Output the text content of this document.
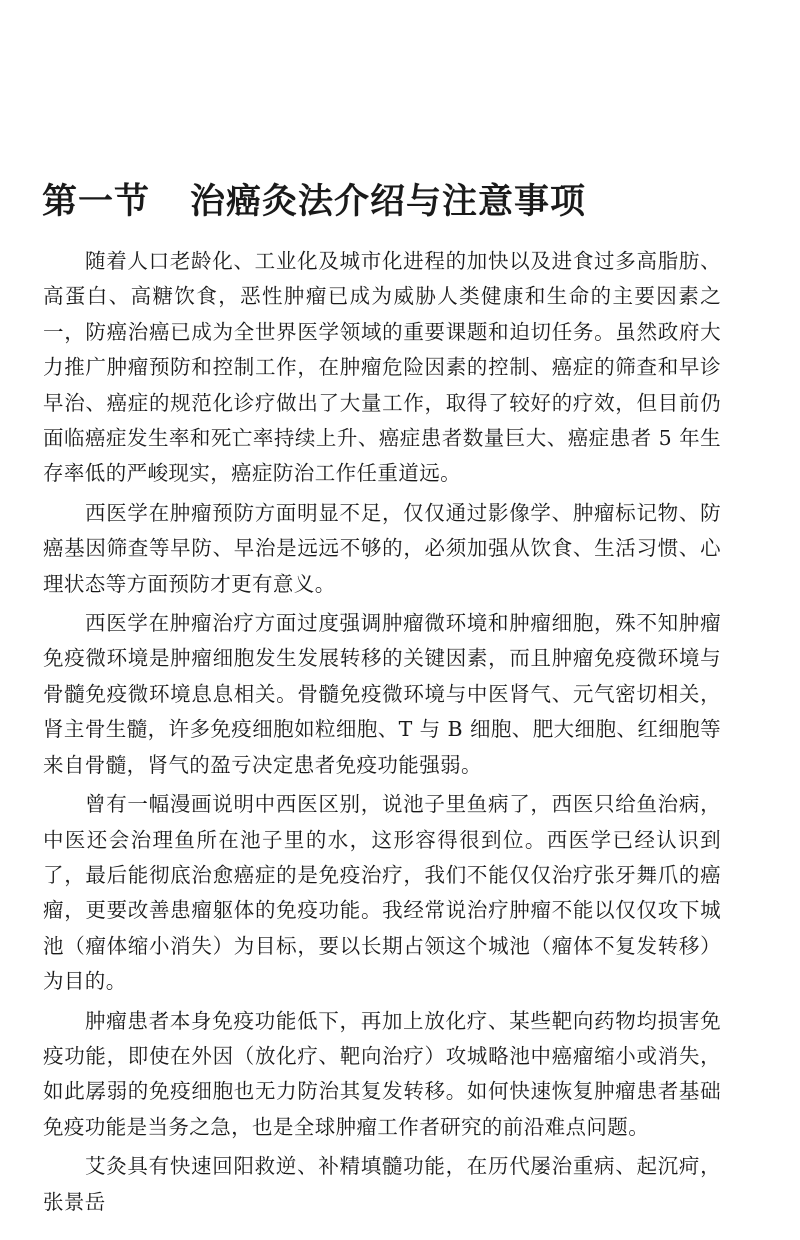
第一节 治癌灸法介绍与注意事项

随着人口老龄化、工业化及城市化进程的加快以及进食过多高脂肪、高蛋白、高糖饮食，恶性肿瘤已成为威胁人类健康和生命的主要因素之一，防癌治癌已成为全世界医学领域的重要课题和迫切任务。虽然政府大力推广肿瘤预防和控制工作，在肿瘤危险因素的控制、癌症的筛查和早诊早治、癌症的规范化诊疗做出了大量工作，取得了较好的疗效，但目前仍面临癌症发生率和死亡率持续上升、癌症患者数量巨大、癌症患者 5 年生存率低的严峻现实，癌症防治工作任重道远。

西医学在肿瘤预防方面明显不足，仅仅通过影像学、肿瘤标记物、防癌基因筛查等早防、早治是远远不够的，必须加强从饮食、生活习惯、心理状态等方面预防才更有意义。

西医学在肿瘤治疗方面过度强调肿瘤微环境和肿瘤细胞，殊不知肿瘤免疫微环境是肿瘤细胞发生发展转移的关键因素，而且肿瘤免疫微环境与骨髓免疫微环境息息相关。骨髓免疫微环境与中医肾气、元气密切相关，肾主骨生髓，许多免疫细胞如粒细胞、T 与 B 细胞、肥大细胞、红细胞等来自骨髓，肾气的盈亏决定患者免疫功能强弱。

曾有一幅漫画说明中西医区别，说池子里鱼病了，西医只给鱼治病，中医还会治理鱼所在池子里的水，这形容得很到位。西医学已经认识到了，最后能彻底治愈癌症的是免疫治疗，我们不能仅仅治疗张牙舞爪的癌瘤，更要改善患瘤躯体的免疫功能。我经常说治疗肿瘤不能以仅仅攻下城池（瘤体缩小消失）为目标，要以长期占领这个城池（瘤体不复发转移）为目的。

肿瘤患者本身免疫功能低下，再加上放化疗、某些靶向药物均损害免疫功能，即使在外因（放化疗、靶向治疗）攻城略池中癌瘤缩小或消失，如此孱弱的免疫细胞也无力防治其复发转移。如何快速恢复肿瘤患者基础免疫功能是当务之急，也是全球肿瘤工作者研究的前沿难点问题。

艾灸具有快速回阳救逆、补精填髓功能，在历代屡治重病、起沉疴，张景岳
